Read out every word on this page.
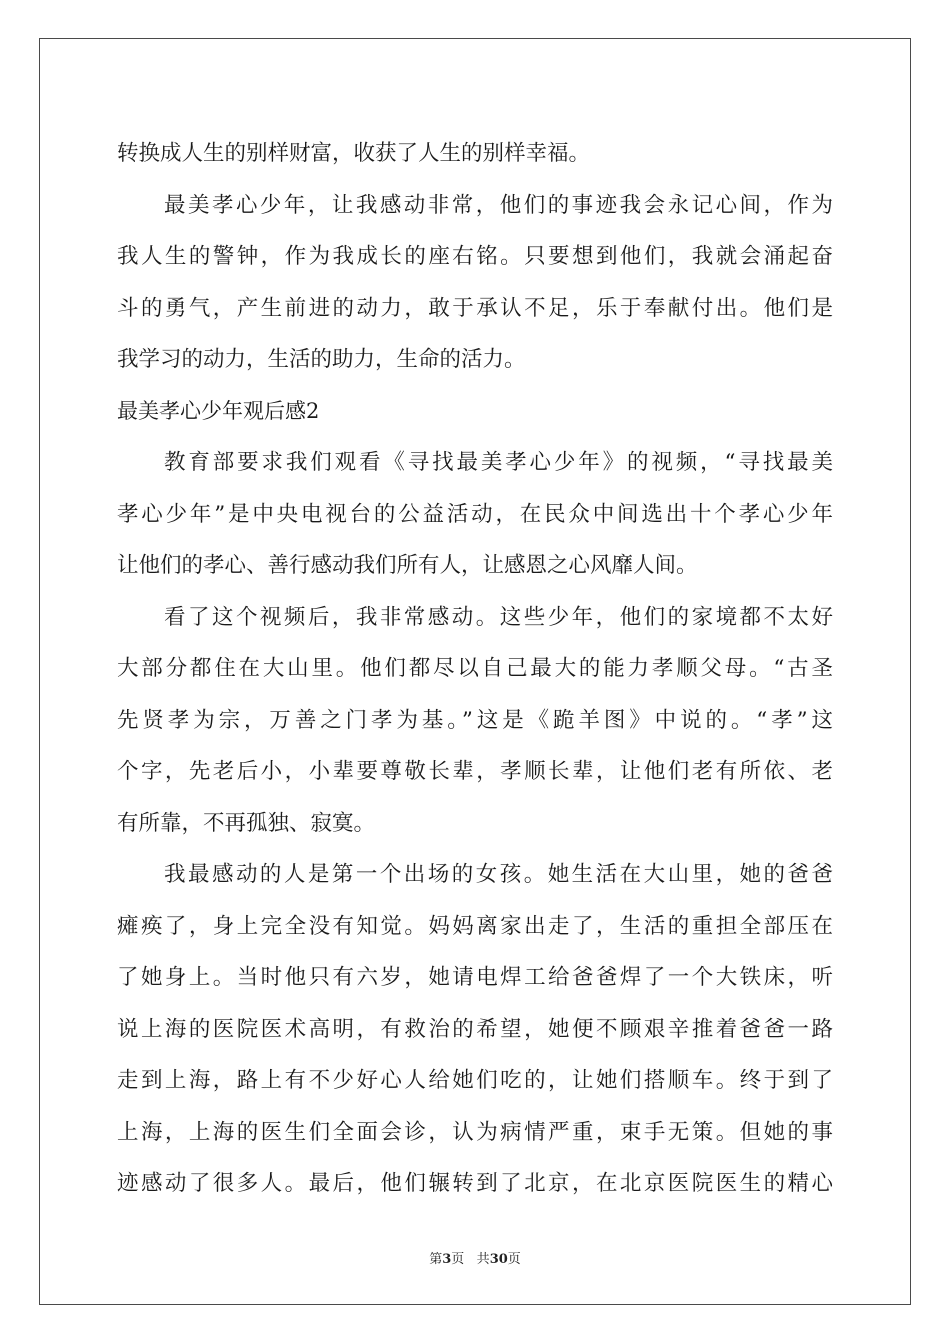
转换成人生的别样财富，收获了人生的别样幸福。
最美孝心少年，让我感动非常，他们的事迹我会永记心间，作为
我人生的警钟，作为我成长的座右铭。只要想到他们，我就会涌起奋
斗的勇气，产生前进的动力，敢于承认不足，乐于奉献付出。他们是
我学习的动力，生活的助力，生命的活力。
最美孝心少年观后感2
教育部要求我们观看《寻找最美孝心少年》的视频，“寻找最美
孝心少年”是中央电视台的公益活动，在民众中间选出十个孝心少年
让他们的孝心、善行感动我们所有人，让感恩之心风靡人间。
看了这个视频后，我非常感动。这些少年，他们的家境都不太好
大部分都住在大山里。他们都尽以自己最大的能力孝顺父母。“古圣
先贤孝为宗，万善之门孝为基。”这是《跪羊图》中说的。“孝”这
个字，先老后小，小辈要尊敬长辈，孝顺长辈，让他们老有所依、老
有所靠，不再孤独、寂寞。
我最感动的人是第一个出场的女孩。她生活在大山里，她的爸爸
瘫痪了，身上完全没有知觉。妈妈离家出走了，生活的重担全部压在
了她身上。当时他只有六岁，她请电焊工给爸爸焊了一个大铁床，听
说上海的医院医术高明，有救治的希望，她便不顾艰辛推着爸爸一路
走到上海，路上有不少好心人给她们吃的，让她们搭顺车。终于到了
上海，上海的医生们全面会诊，认为病情严重，束手无策。但她的事
迹感动了很多人。最后，他们辗转到了北京，在北京医院医生的精心
第3页 共30页
